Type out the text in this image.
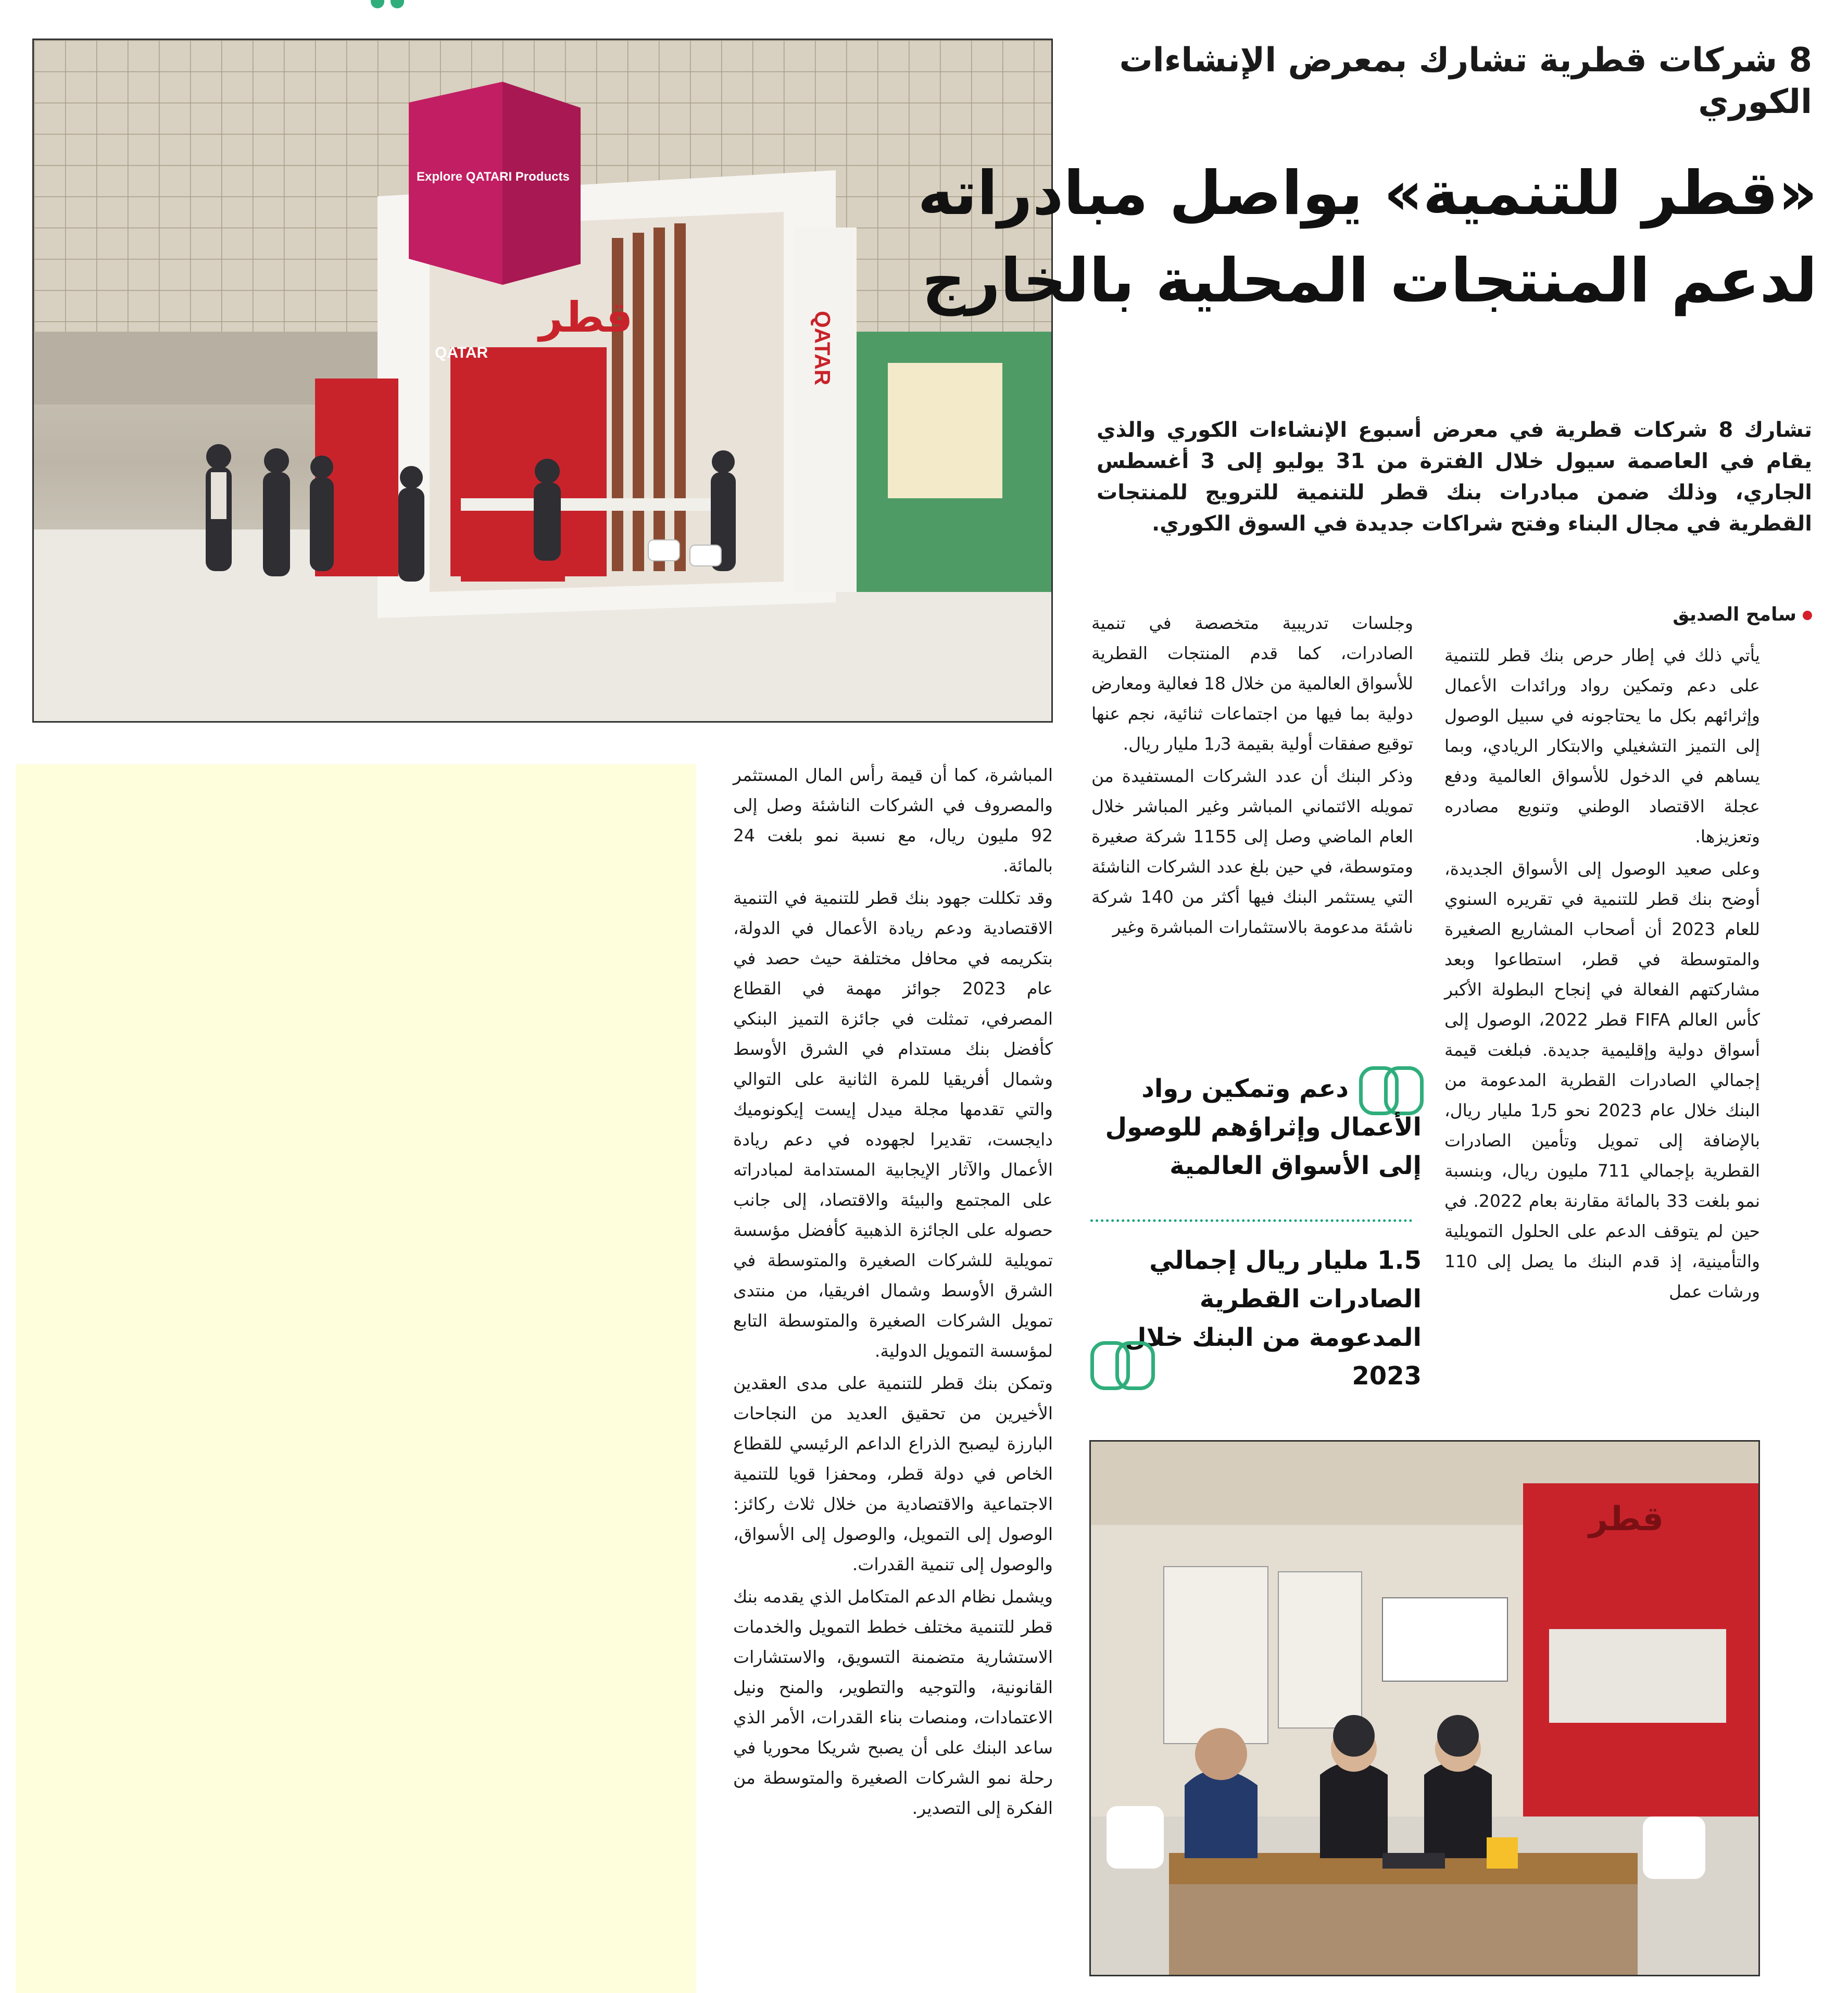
QATAR
QATAR
قطر
Explore QATARI Products
8 شركات قطرية تشارك بمعرض الإنشاءات الكوري
«قطر للتنمية» يواصل مبادراته
لدعم المنتجات المحلية بالخارج
تشارك 8 شركات قطرية في معرض أسبوع الإنشاءات الكوري والذي يقام في العاصمة سيول خلال الفترة من 31 يوليو إلى 3 أغسطس الجاري، وذلك ضمن مبادرات بنك قطر للتنمية للترويج للمنتجات القطرية في مجال البناء وفتح شراكات جديدة في السوق الكوري.
سامح الصديق

يأتي ذلك في إطار حرص بنك قطر للتنمية على دعم وتمكين رواد ورائدات الأعمال وإثرائهم بكل ما يحتاجونه في سبيل الوصول إلى التميز التشغيلي والابتكار الريادي، وبما يساهم في الدخول للأسواق العالمية ودفع عجلة الاقتصاد الوطني وتنويع مصادره وتعزيزها.

وعلى صعيد الوصول إلى الأسواق الجديدة، أوضح بنك قطر للتنمية في تقريره السنوي للعام 2023 أن أصحاب المشاريع الصغيرة والمتوسطة في قطر، استطاعوا وبعد مشاركتهم الفعالة في إنجاح البطولة الأكبر كأس العالم FIFA قطر 2022، الوصول إلى أسواق دولية وإقليمية جديدة. فبلغت قيمة إجمالي الصادرات القطرية المدعومة من البنك خلال عام 2023 نحو 1٫5 مليار ريال، بالإضافة إلى تمويل وتأمين الصادرات القطرية بإجمالي 711 مليون ريال، وبنسبة نمو بلغت 33 بالمائة مقارنة بعام 2022. في حين لم يتوقف الدعم على الحلول التمويلية والتأمينية، إذ قدم البنك ما يصل إلى 110 ورشات عمل

وجلسات تدريبية متخصصة في تنمية الصادرات، كما قدم المنتجات القطرية للأسواق العالمية من خلال 18 فعالية ومعارض دولية بما فيها من اجتماعات ثنائية، نجم عنها توقيع صفقات أولية بقيمة 1٫3 مليار ريال.

وذكر البنك أن عدد الشركات المستفيدة من تمويله الائتماني المباشر وغير المباشر خلال العام الماضي وصل إلى 1155 شركة صغيرة ومتوسطة، في حين بلغ عدد الشركات الناشئة التي يستثمر البنك فيها أكثر من 140 شركة ناشئة مدعومة بالاستثمارات المباشرة وغير

دعم وتمكين رواد الأعمال وإثراؤهم للوصول إلى الأسواق العالمية
1.5 مليار ريال إجمالي الصادرات القطرية المدعومة من البنك خلال 2023

المباشرة، كما أن قيمة رأس المال المستثمر والمصروف في الشركات الناشئة وصل إلى 92 مليون ريال، مع نسبة نمو بلغت 24 بالمائة.

وقد تكللت جهود بنك قطر للتنمية في التنمية الاقتصادية ودعم ريادة الأعمال في الدولة، بتكريمه في محافل مختلفة حيث حصد في عام 2023 جوائز مهمة في القطاع المصرفي، تمثلت في جائزة التميز البنكي كأفضل بنك مستدام في الشرق الأوسط وشمال أفريقيا للمرة الثانية على التوالي والتي تقدمها مجلة ميدل إيست إيكونوميك دايجست، تقديرا لجهوده في دعم ريادة الأعمال والآثار الإيجابية المستدامة لمبادراته على المجتمع والبيئة والاقتصاد، إلى جانب حصوله على الجائزة الذهبية كأفضل مؤسسة تمويلية للشركات الصغيرة والمتوسطة في الشرق الأوسط وشمال افريقيا، من منتدى تمويل الشركات الصغيرة والمتوسطة التابع لمؤسسة التمويل الدولية.

وتمكن بنك قطر للتنمية على مدى العقدين الأخيرين من تحقيق العديد من النجاحات البارزة ليصبح الذراع الداعم الرئيسي للقطاع الخاص في دولة قطر، ومحفزا قويا للتنمية الاجتماعية والاقتصادية من خلال ثلاث ركائز: الوصول إلى التمويل، والوصول إلى الأسواق، والوصول إلى تنمية القدرات.

ويشمل نظام الدعم المتكامل الذي يقدمه بنك قطر للتنمية مختلف خطط التمويل والخدمات الاستشارية متضمنة التسويق، والاستشارات القانونية، والتوجيه والتطوير، والمنح ونيل الاعتمادات، ومنصات بناء القدرات، الأمر الذي ساعد البنك على أن يصبح شريكا محوريا في رحلة نمو الشركات الصغيرة والمتوسطة من الفكرة إلى التصدير.

قطر
